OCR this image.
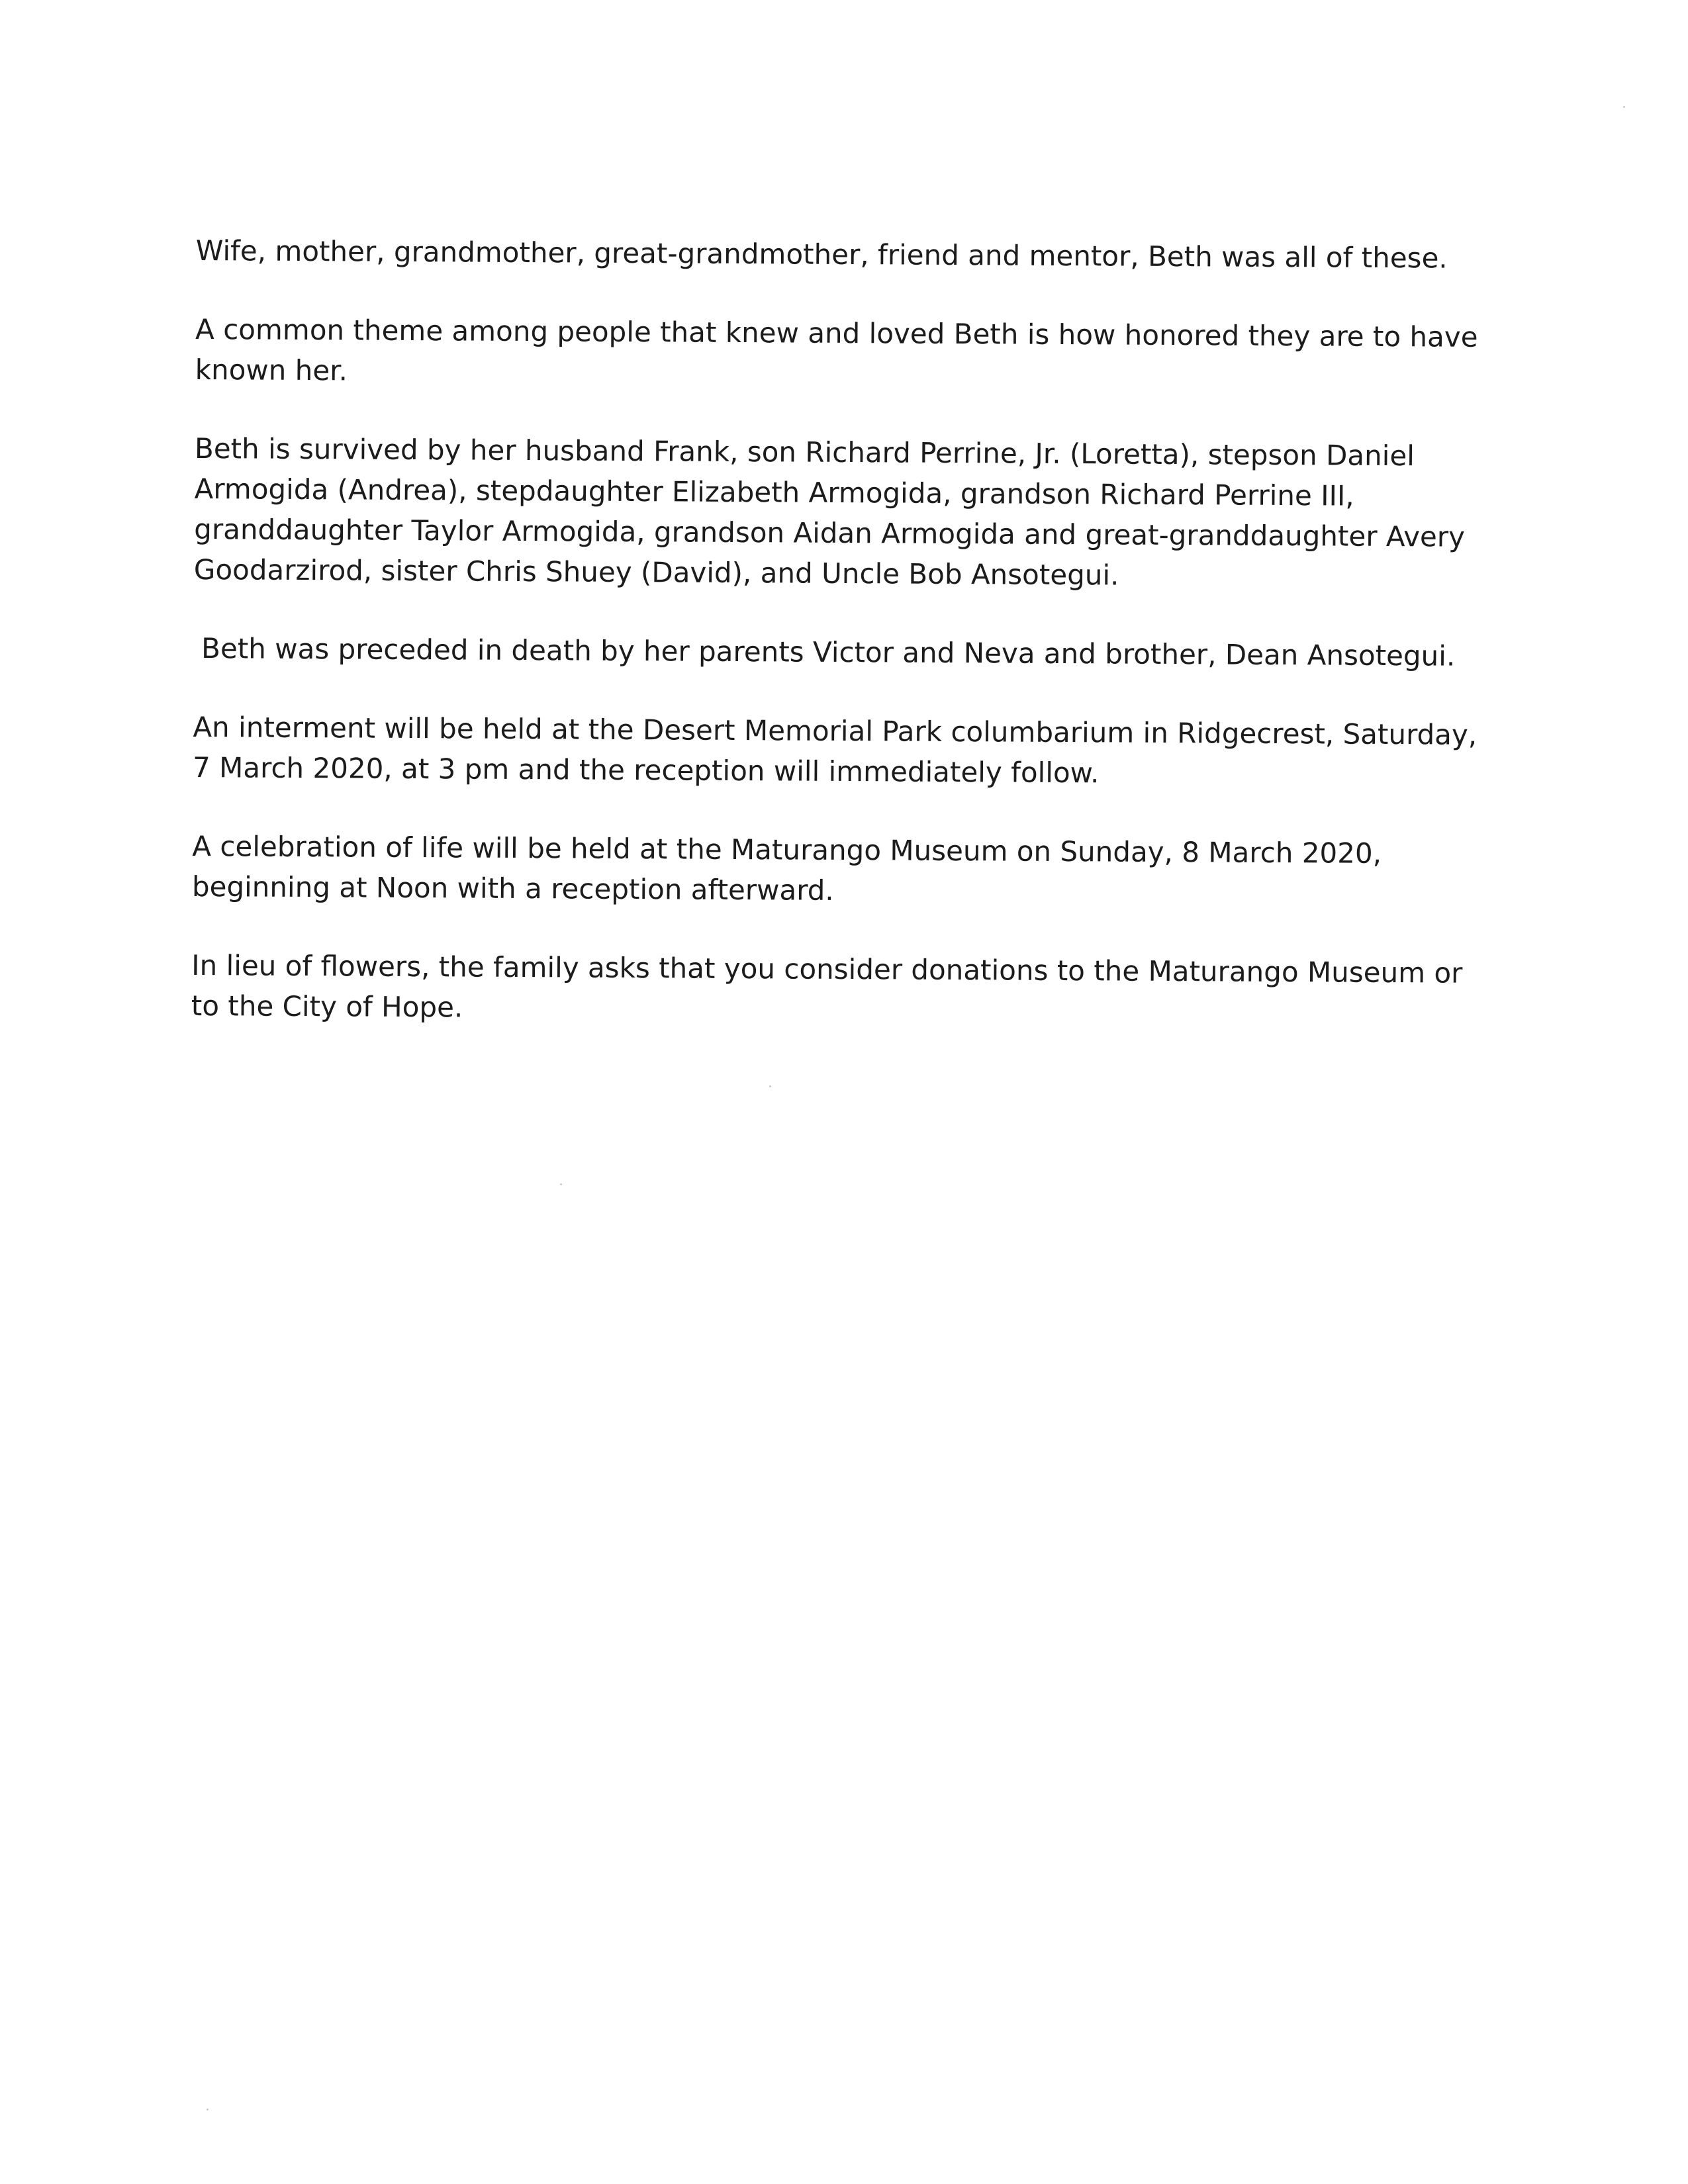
Wife, mother, grandmother, great-grandmother, friend and mentor, Beth was all of these.

A common theme among people that knew and loved Beth is how honored they are to have known her.

Beth is survived by her husband Frank, son Richard Perrine, Jr. (Loretta), stepson Daniel Armogida (Andrea), stepdaughter Elizabeth Armogida, grandson Richard Perrine III, granddaughter Taylor Armogida, grandson Aidan Armogida and great-granddaughter Avery Goodarzirod, sister Chris Shuey (David), and Uncle Bob Ansotegui.

Beth was preceded in death by her parents Victor and Neva and brother, Dean Ansotegui.

An interment will be held at the Desert Memorial Park columbarium in Ridgecrest, Saturday, 7 March 2020, at 3 pm and the reception will immediately follow.

A celebration of life will be held at the Maturango Museum on Sunday, 8 March 2020, beginning at Noon with a reception afterward.

In lieu of flowers, the family asks that you consider donations to the Maturango Museum or to the City of Hope.
